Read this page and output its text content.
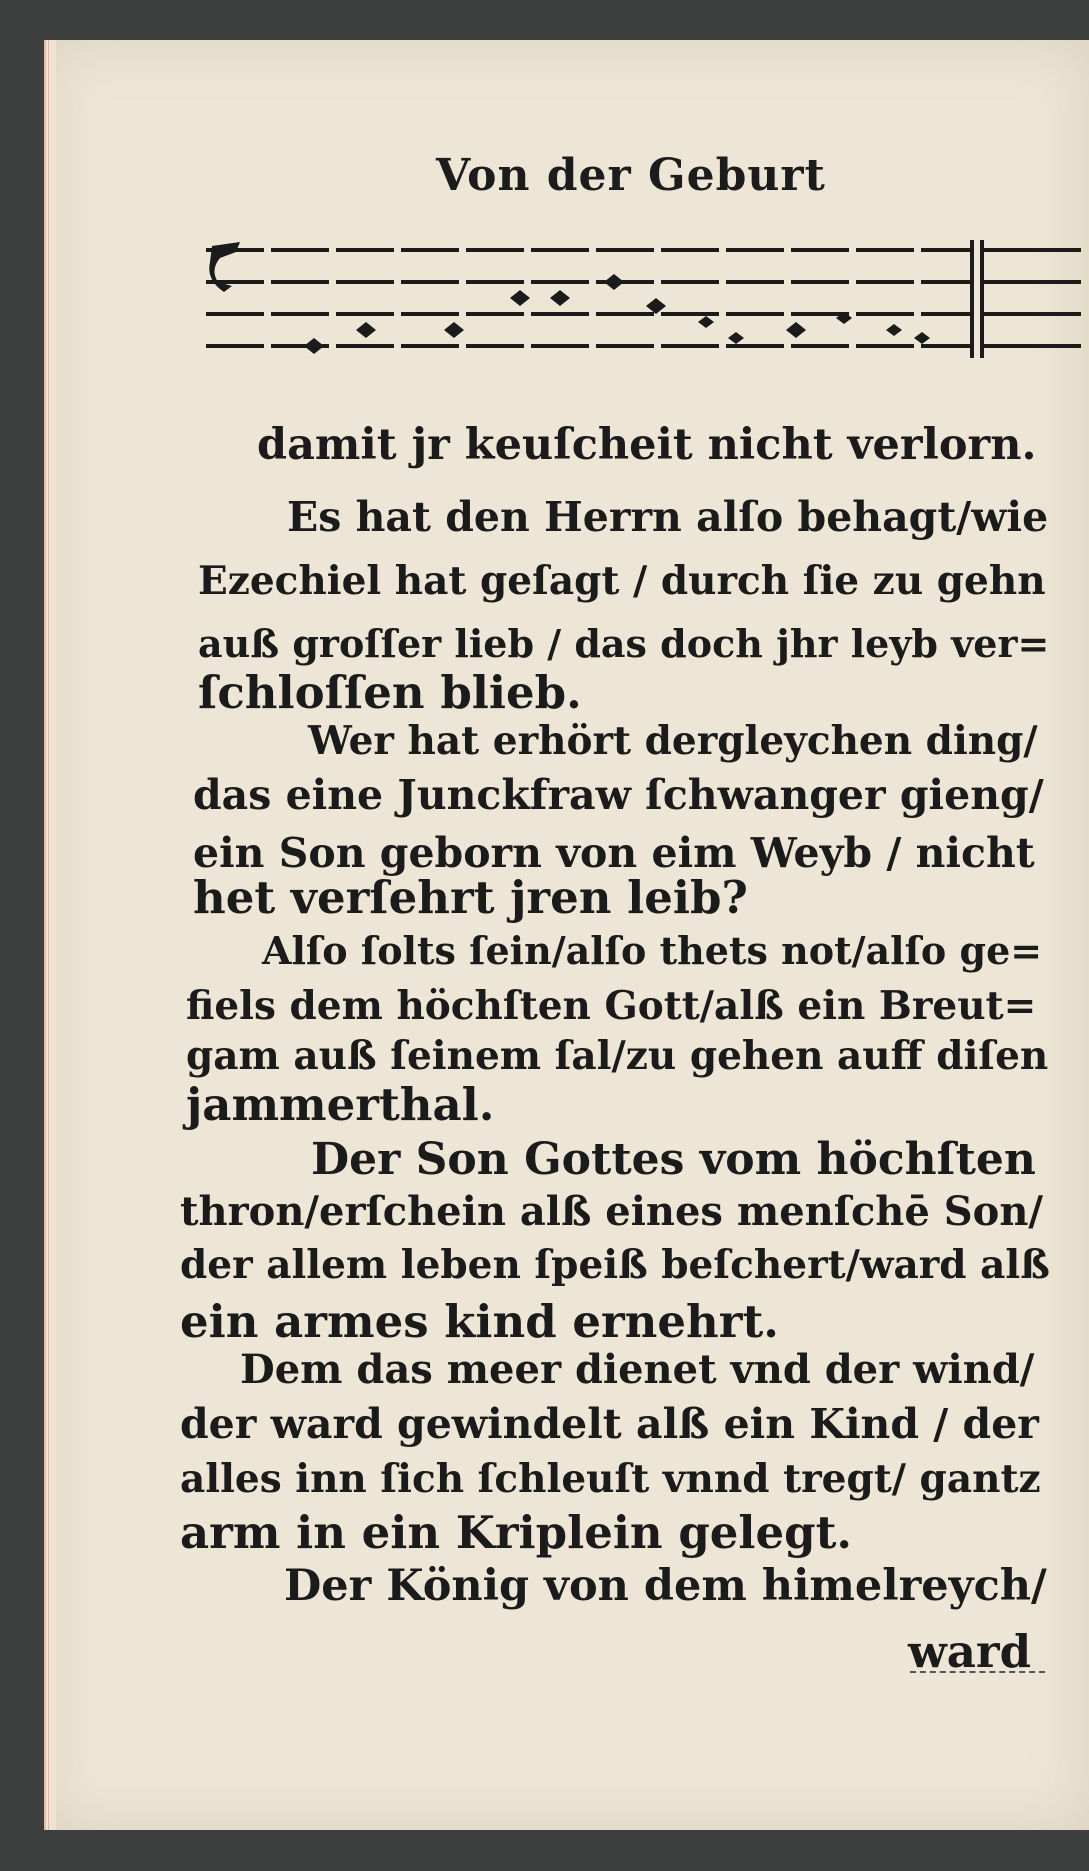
Von der Geburt
damit jr keuſcheit nicht verlorn.
Es hat den Herrn alſo behagt/wie
Ezechiel hat geſagt / durch ſie zu gehn
auß groſſer lieb / das doch jhr leyb ver=
ſchloſſen blieb.
Wer hat erhört dergleychen ding/
das eine Junckfraw ſchwanger gieng/
ein Son geborn von eim Weyb / nicht
het verſehrt jren leib?
Alſo ſolts ſein/alſo thets not/alſo ge=
fiels dem höchſten Gott/alß ein Breut=
gam auß ſeinem ſal/zu gehen auff diſen
jammerthal.
Der Son Gottes vom höchſten
thron/erſchein alß eines menſchē Son/
der allem leben ſpeiß beſchert/ward alß
ein armes kind ernehrt.
Dem das meer dienet vnd der wind/
der ward gewindelt alß ein Kind / der
alles inn ſich ſchleuſt vnnd tregt/ gantz
arm in ein Kriplein gelegt.
Der König von dem himelreych/
ward
